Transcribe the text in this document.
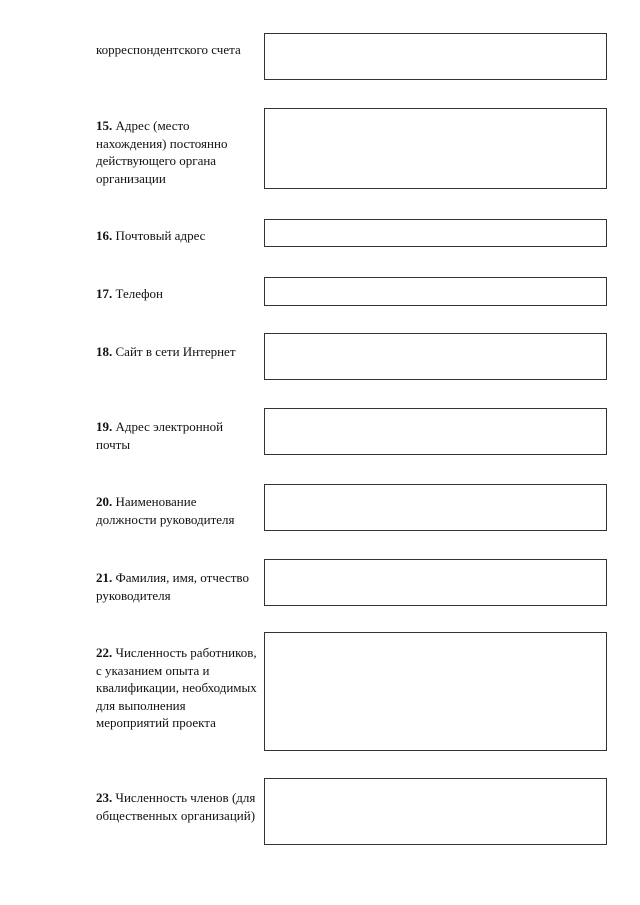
корреспондентского счета
15. Адрес (место нахождения) постоянно действующего органа организации
16. Почтовый адрес
17. Телефон
18. Сайт в сети Интернет
19. Адрес электронной почты
20. Наименование должности руководителя
21. Фамилия, имя, отчество руководителя
22. Численность работников, с указанием опыта и квалификации, необходимых для выполнения мероприятий проекта
23. Численность членов (для общественных организаций)
